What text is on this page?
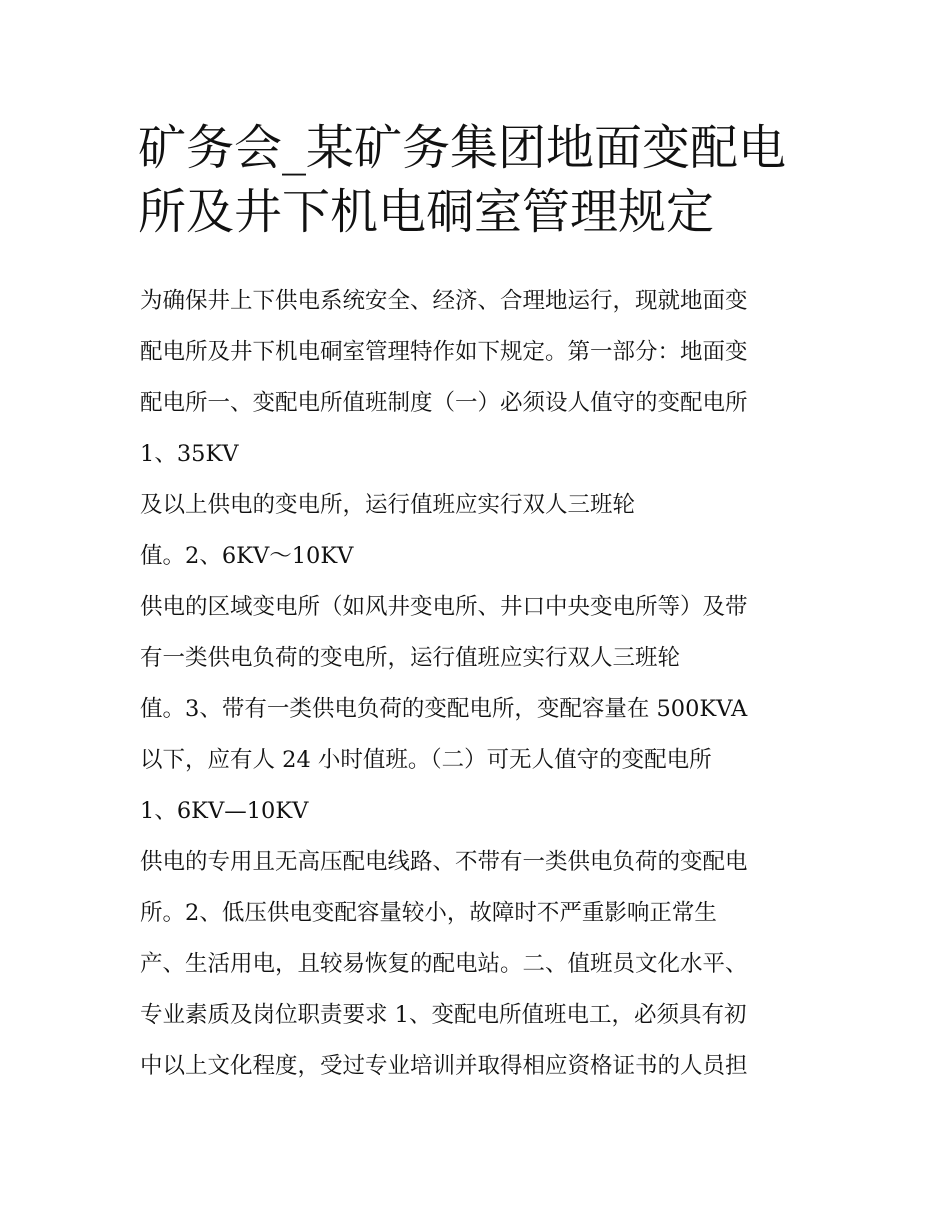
矿务会_某矿务集团地面变配电
所及井下机电硐室管理规定
为确保井上下供电系统安全、经济、合理地运行，现就地面变
配电所及井下机电硐室管理特作如下规定。第一部分：地面变
配电所一、变配电所值班制度（一）必须设人值守的变配电所
1、35KV
及以上供电的变电所，运行值班应实行双人三班轮
值。2、6KV～10KV
供电的区域变电所（如风井变电所、井口中央变电所等）及带
有一类供电负荷的变电所，运行值班应实行双人三班轮
值。3、带有一类供电负荷的变配电所，变配容量在 500KVA
以下，应有人 24 小时值班。（二）可无人值守的变配电所
1、6KV—10KV
供电的专用且无高压配电线路、不带有一类供电负荷的变配电
所。2、低压供电变配容量较小，故障时不严重影响正常生
产、生活用电，且较易恢复的配电站。二、值班员文化水平、
专业素质及岗位职责要求 1、变配电所值班电工，必须具有初
中以上文化程度，受过专业培训并取得相应资格证书的人员担
